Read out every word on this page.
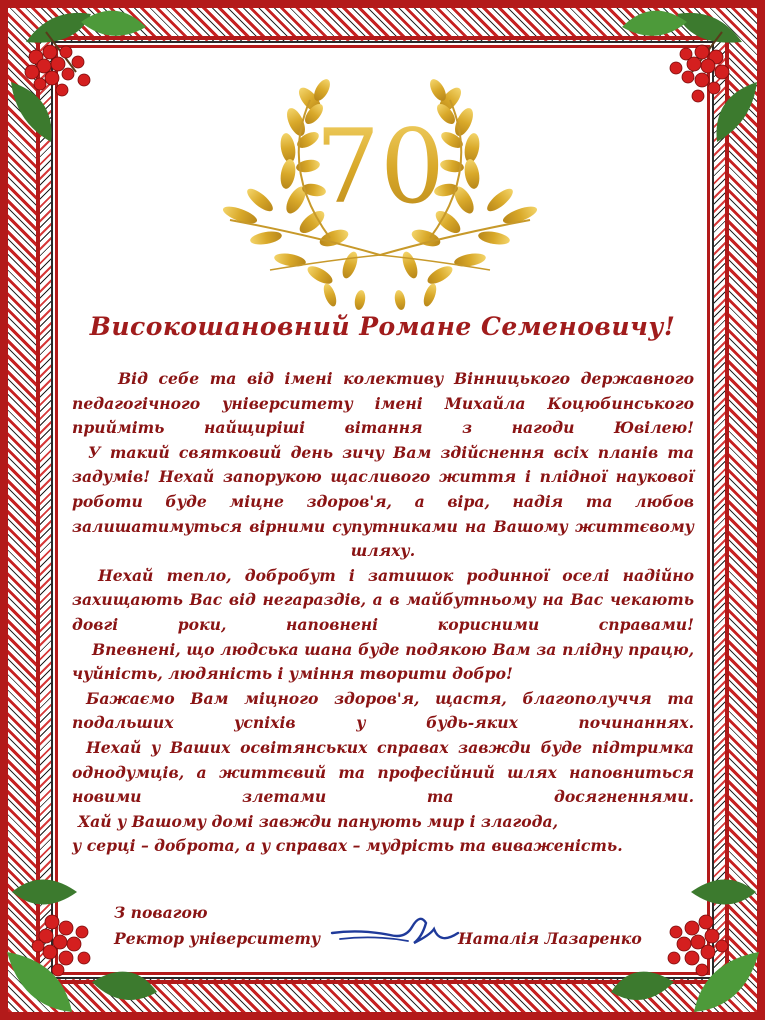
70
Високошановний Романе Семеновичу!

Від себе та від імені колективу Вінницького державного педагогічного університету імені Михайла Коцюбинського прийміть найщиріші вітання з нагоди Ювілею!

У такий святковий день зичу Вам здійснення всіх планів та задумів! Нехай запорукою щасливого життя і плідної наукової роботи буде міцне здоров'я, а віра, надія та любов залишатимуться вірними супутниками на Вашому життєвому

шляху.

Нехай тепло, добробут і затишок родинної оселі надійно захищають Вас від негараздів, а в майбутньому на Вас чекають довгі роки, наповнені корисними справами!

Впевнені, що людська шана буде подякою Вам за плідну працю, чуйність, людяність і уміння творити добро!

Бажаємо Вам міцного здоров'я, щастя, благополуччя та подальших успіхів у будь-яких починаннях.

Нехай у Ваших освітянських справах завжди буде підтримка однодумців, а життєвий та професійний шлях наповниться новими злетами та досягненнями.

Хай у Вашому домі завжди панують мир і злагода,

у серці – доброта, а у справах – мудрість та виваженість.

З повагою
Ректор університету	Наталія Лазаренко
